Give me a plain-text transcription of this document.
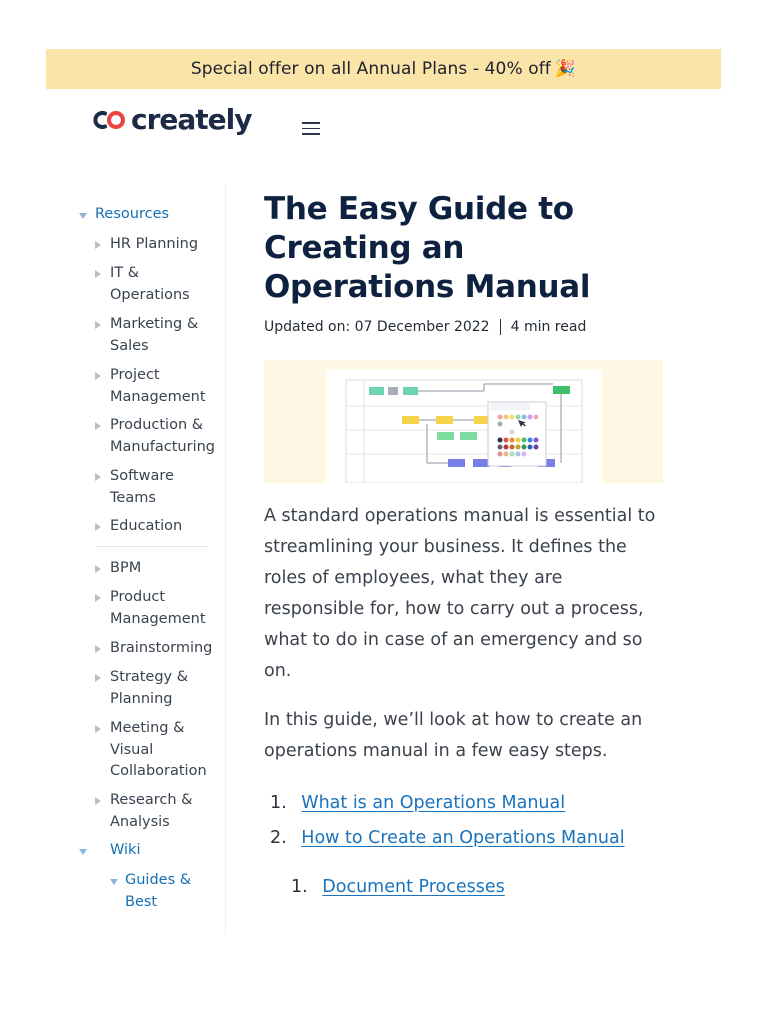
Special offer on all Annual Plans - 40% off 🎉
creately
Resources
HR Planning
IT & Operations
Marketing & Sales
Project Management
Production & Manufacturing
Software Teams
Education
BPM
Product Management
Brainstorming
Strategy & Planning
Meeting & Visual Collaboration
Research & Analysis
Wiki
Guides & Best
The Easy Guide to Creating an Operations Manual
Updated on: 07 December 2022 4 min read

A standard operations manual is essential to streamlining your business. It defines the roles of employees, what they are responsible for, how to carry out a process, what to do in case of an emergency and so on.

In this guide, we’ll look at how to create an operations manual in a few easy steps.

1. What is an Operations Manual
2. How to Create an Operations Manual
1. Document Processes
